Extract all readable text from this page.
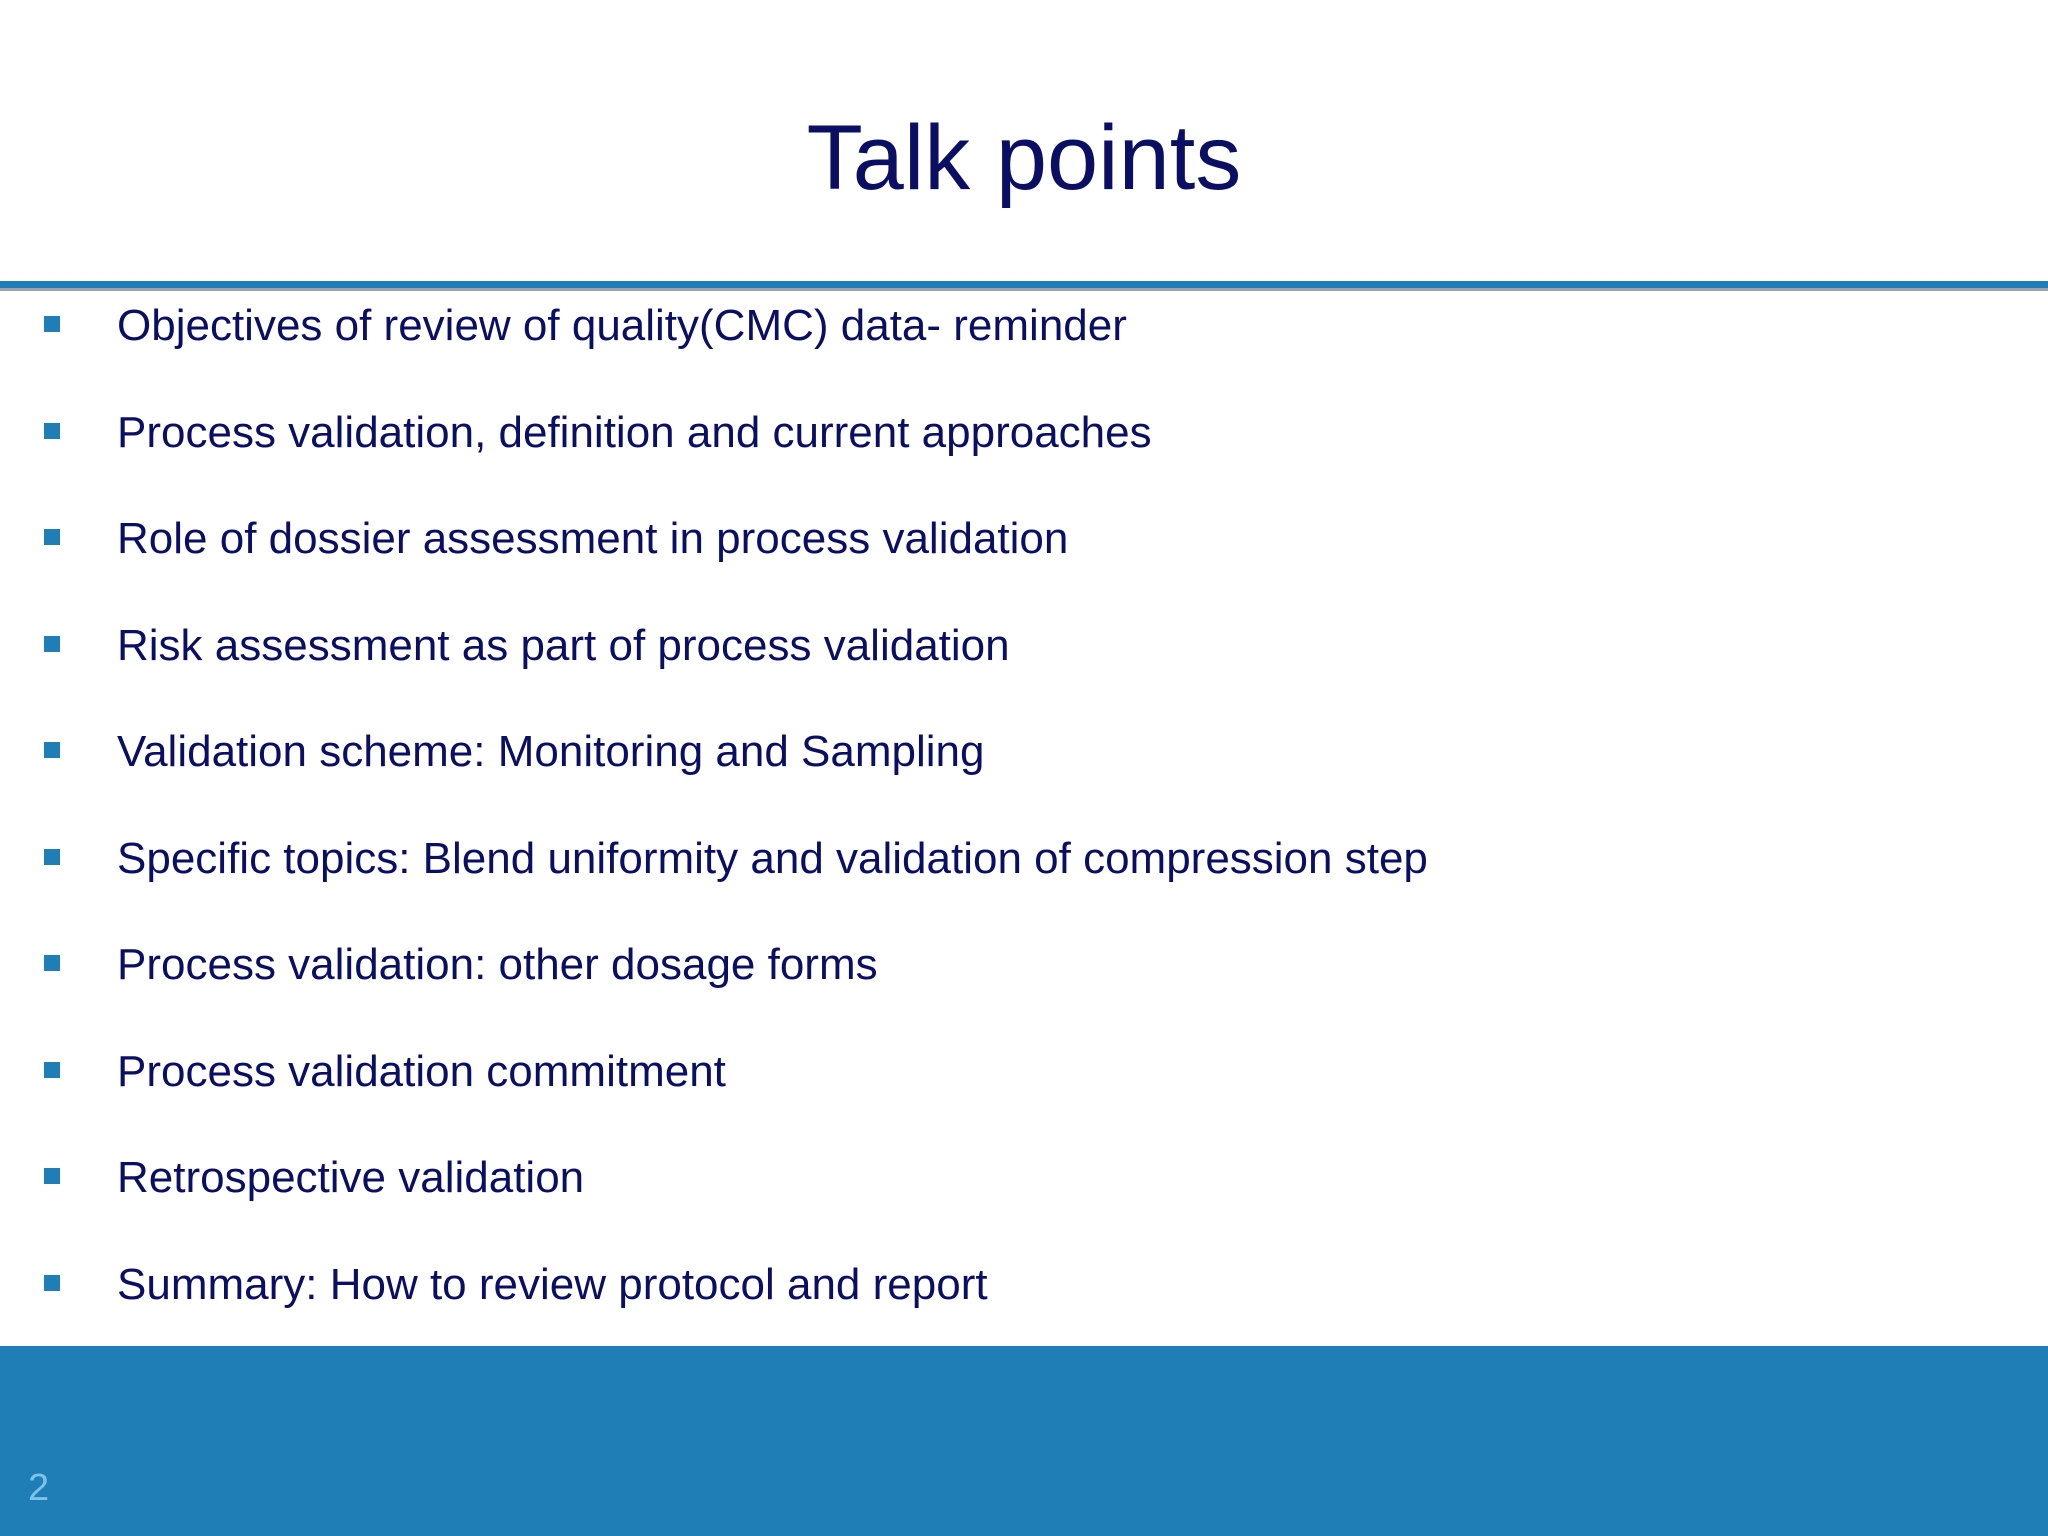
Talk points
Objectives of review of quality(CMC) data- reminder
Process validation, definition and current approaches
Role of dossier assessment in process validation
Risk assessment as part of process validation
Validation scheme: Monitoring and Sampling
Specific topics: Blend uniformity and validation of compression step
Process validation: other dosage forms
Process validation commitment
Retrospective validation
Summary: How to review protocol and report
2
